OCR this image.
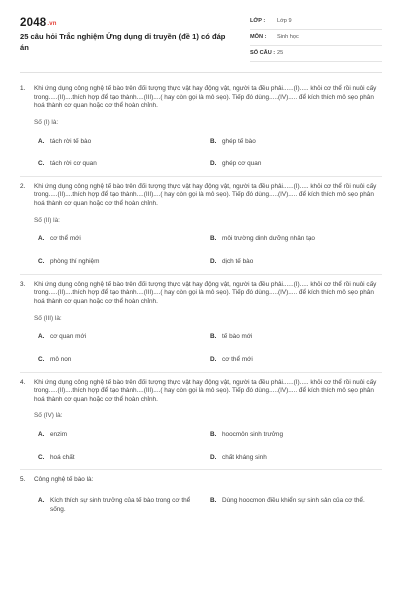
2048.vn
25 câu hỏi Trắc nghiệm Ứng dụng di truyền (đề 1) có đáp án
LỚP :	Lớp 9
MÔN :	Sinh học
SỐ CÂU : 25
1.	Khi ứng dụng công nghệ tế bào trên đối tượng thực vật hay động vật, người ta đều phải......(I)..... khỏi cơ thể rồi nuôi cấy trong.....(II)....thích hợp để tạo thành....(III)....( hay còn gọi là mô sẹo). Tiếp đó dùng.....(IV)..... để kích thích mô sẹo phân hoá thành cơ quan hoặc cơ thể hoàn chỉnh.
Số (I) là:
A. tách rời tế bào	B. ghép tế bào
C. tách rời cơ quan	D. ghép cơ quan
2.	Khi ứng dụng công nghệ tế bào trên đối tượng thực vật hay động vật, người ta đều phải......(I)..... khỏi cơ thể rồi nuôi cấy trong.....(II)....thích hợp để tạo thành....(III)....( hay còn gọi là mô sẹo). Tiếp đó dùng.....(IV)..... để kích thích mô sẹo phân hoá thành cơ quan hoặc cơ thể hoàn chỉnh.
Số (II) là:
A. cơ thể mới	B. môi trường dinh dưỡng nhân tạo
C. phòng thí nghiệm	D. dịch tế bào
3.	Khi ứng dụng công nghệ tế bào trên đối tượng thực vật hay động vật, người ta đều phải......(I)..... khỏi cơ thể rồi nuôi cấy trong.....(II)....thích hợp để tạo thành....(III)....( hay còn gọi là mô sẹo). Tiếp đó dùng.....(IV)..... để kích thích mô sẹo phân hoá thành cơ quan hoặc cơ thể hoàn chỉnh.
Số (III) là:
A. cơ quan mới	B. tế bào mới
C. mô non	D. cơ thể mới
4.	Khi ứng dụng công nghệ tế bào trên đối tượng thực vật hay động vật, người ta đều phải......(I)..... khỏi cơ thể rồi nuôi cấy trong.....(II)....thích hợp để tạo thành....(III)....( hay còn gọi là mô sẹo). Tiếp đó dùng.....(IV)..... để kích thích mô sẹo phân hoá thành cơ quan hoặc cơ thể hoàn chỉnh.
Số (IV) là:
A. enzim	B. hoocmôn sinh trưởng
C. hoá chất	D. chất kháng sinh
5.	Công nghệ tế bào là:
A. Kích thích sự sinh trưởng của tế bào trong cơ thể sống.
B. Dùng hoocmon điều khiển sự sinh sản của cơ thể.
